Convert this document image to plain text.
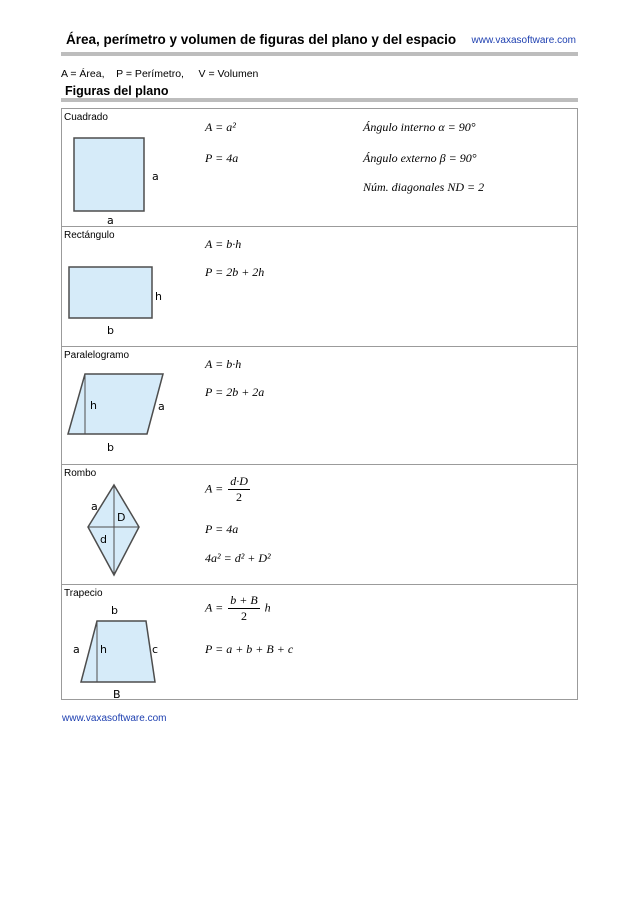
Área, perímetro y volumen de figuras del plano y del espacio www.vaxasoftware.com
A = Área,    P = Perímetro,     V = Volumen
Figuras del plano
Cuadrado
a
a
A = a²
P = 4a
Ángulo interno α = 90°
Ángulo externo β = 90°
Núm. diagonales ND = 2
Rectángulo
h
b
A = b·h
P = 2b + 2h
Paralelogramo
h	a
b
A = b·h
P = 2b + 2a
Rombo
a
D
d
$A = \frac{d\cdot D}{2}$
P = 4a
4a² = d² + D²
Trapecio
b
a h	c
B
$A = \frac{b + B}{2}$ h
P = a + b + B + c
www.vaxasoftware.com
